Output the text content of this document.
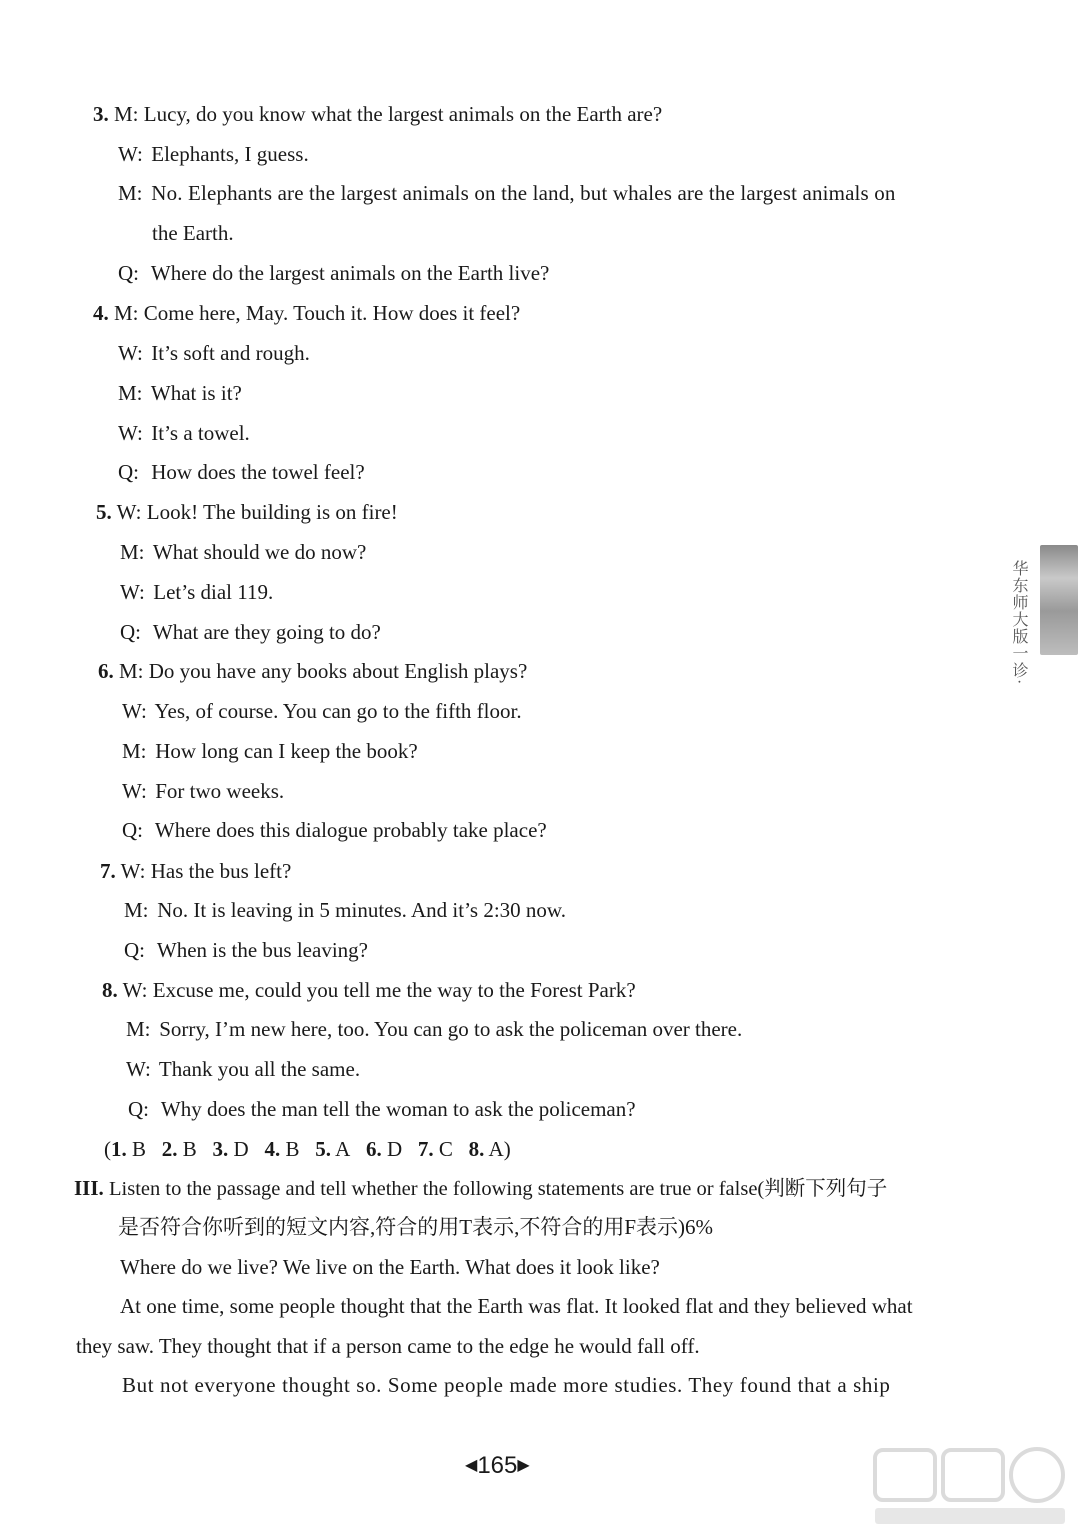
3. M: Lucy, do you know what the largest animals on the Earth are?
W: Elephants, I guess.
M: No. Elephants are the largest animals on the land, but whales are the largest animals on
the Earth.
Q: Where do the largest animals on the Earth live?
4. M: Come here, May. Touch it. How does it feel?
W: It’s soft and rough.
M: What is it?
W: It’s a towel.
Q: How does the towel feel?
5. W: Look! The building is on fire!
M: What should we do now?
W: Let’s dial 119.
Q: What are they going to do?
6. M: Do you have any books about English plays?
W: Yes, of course. You can go to the fifth floor.
M: How long can I keep the book?
W: For two weeks.
Q: Where does this dialogue probably take place?
7. W: Has the bus left?
M: No. It is leaving in 5 minutes. And it’s 2:30 now.
Q: When is the bus leaving?
8. W: Excuse me, could you tell me the way to the Forest Park?
M: Sorry, I’m new here, too. You can go to ask the policeman over there.
W: Thank you all the same.
Q: Why does the man tell the woman to ask the policeman?
(1. B 2. B 3. D 4. B 5. A 6. D 7. C 8. A)
III. Listen to the passage and tell whether the following statements are true or false(判断下列句子
是否符合你听到的短文内容,符合的用T表示,不符合的用F表示)6%
Where do we live? We live on the Earth. What does it look like?
At one time, some people thought that the Earth was flat. It looked flat and they believed what
they saw. They thought that if a person came to the edge he would fall off.
But not everyone thought so. Some people made more studies. They found that a ship
华东师大版一诊·
◀165▶
